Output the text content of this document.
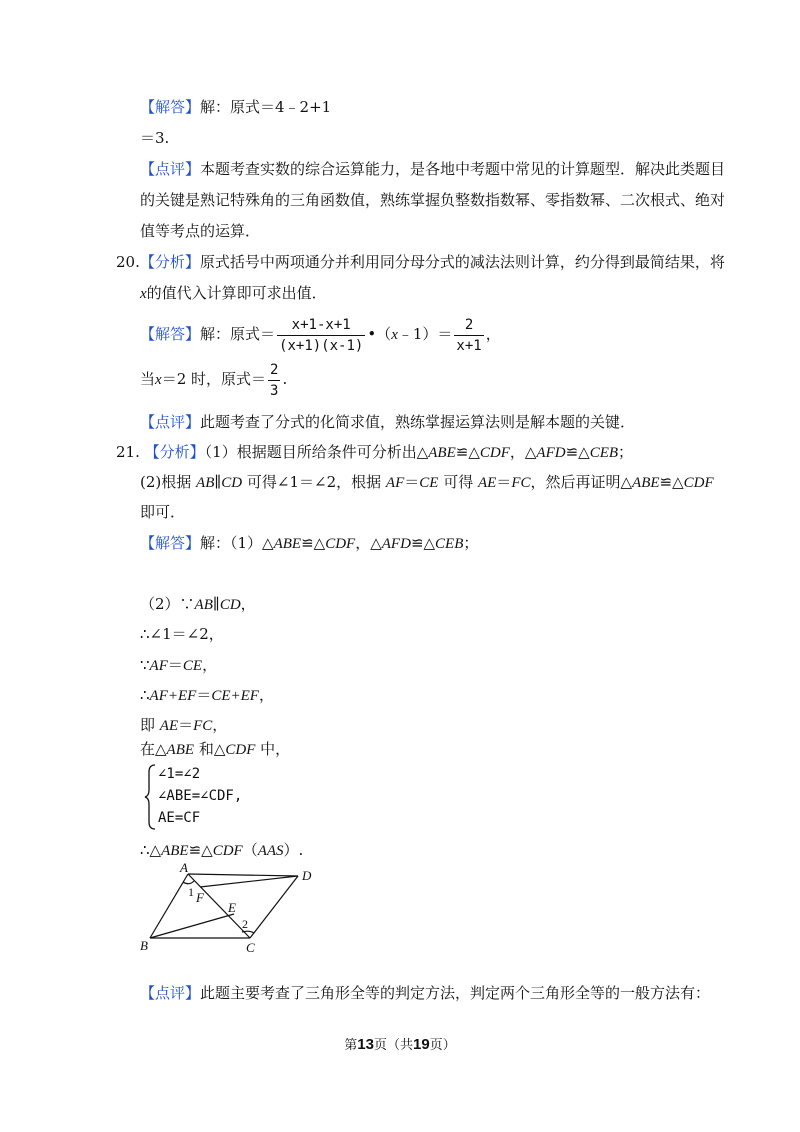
【解答】解：原式＝4﹣2+1
＝3.
【点评】本题考查实数的综合运算能力，是各地中考题中常见的计算题型．解决此类题目
的关键是熟记特殊角的三角函数值，熟练掌握负整数指数幂、零指数幂、二次根式、绝对
值等考点的运算．
20.【分析】原式括号中两项通分并利用同分母分式的减法法则计算，约分得到最简结果，将
x的值代入计算即可求出值．
【解答】解：原式＝ $\frac{x+1-x+1}{(x+1)(x-1)}$ •（x﹣1）＝ $\frac{2}{x+1}$ ，
当x＝2 时，原式＝ $\frac{2}{3}$ .
【点评】此题考查了分式的化简求值，熟练掌握运算法则是解本题的关键．
21. 【分析】（1）根据题目所给条件可分析出△ABE≌△CDF，△AFD≌△CEB；
(2)根据 AB∥CD 可得∠1＝∠2，根据 AF＝CE 可得 AE＝FC，然后再证明△ABE≌△CDF
即可．
【解答】解：（1）△ABE≌△CDF，△AFD≌△CEB；
（2）∵AB∥CD，
∴∠1＝∠2，
∵AF＝CE，
∴AF+EF＝CE+EF，
即 AE＝FC，
在△ABE 和△CDF 中，
∠1=∠2
∠ABE=∠CDF,
AE=CF
∴△ABE≌△CDF（AAS）.
A
B	C
D
E
F
1
2
【点评】此题主要考查了三角形全等的判定方法，判定两个三角形全等的一般方法有：
第13页（共19页）
